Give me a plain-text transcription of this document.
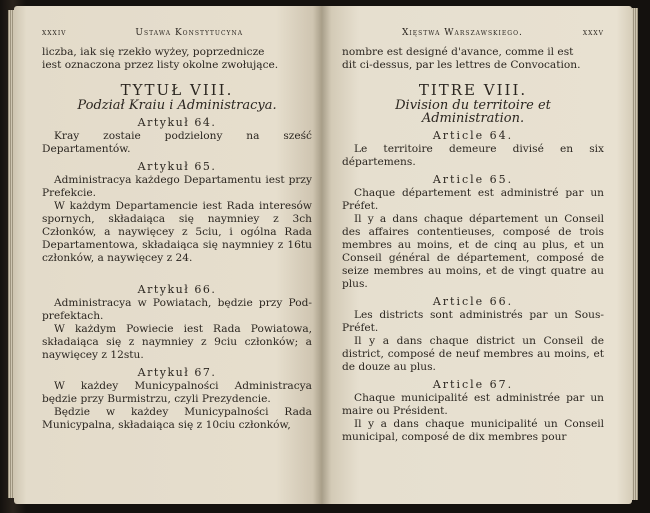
xxxiv	Ustawa Konstytucyna

liczba, iak się rzekło wyżey, poprzednicze

iest oznaczona przez listy okolne zwołujące.

TYTUŁ VIII.
Podział Kraiu i Administracya.
Artykuł 64.

Kray zostaie podzielony na sześć Departamentów.

Artykuł 65.

Administracya każdego Departamentu iest przy Prefekcie.

W każdym Departamencie iest Rada interesów spornych, składaiąca się naymniey z 3ch Członków, a naywięcey z 5ciu, i ogólna Rada Departamentowa, składaiąca się naymniey z 16tu członków, a naywięcey z 24.

Artykuł 66.

Administracya w Powiatach, będzie przy Pod-prefektach.

W każdym Powiecie iest Rada Powiatowa, składaiąca się z naymniey z 9ciu członków; a naywięcey z 12stu.

Artykuł 67.

W każdey Municypalności Administracya będzie przy Burmistrzu, czyli Prezydencie.

Będzie w każdey Municypalności Rada Municypalna, składaiąca się z 10ciu członków,

Xięstwa Warszawskiego.	xxxv

nombre est designé d'avance, comme il est

dit ci-dessus, par les lettres de Convocation.

TITRE VIII.
Division du territoire et Administration.
Article 64.

Le territoire demeure divisé en six départemens.

Article 65.

Chaque département est administré par un Préfet.

Il y a dans chaque département un Conseil des affaires contentieuses, composé de trois membres au moins, et de cinq au plus, et un Conseil général de département, composé de seize membres au moins, et de vingt quatre au plus.

Article 66.

Les districts sont administrés par un Sous-Préfet.

Il y a dans chaque district un Conseil de district, composé de neuf membres au moins, et de douze au plus.

Article 67.

Chaque municipalité est administrée par un maire ou Président.

Il y a dans chaque municipalité un Conseil municipal, composé de dix membres pour
